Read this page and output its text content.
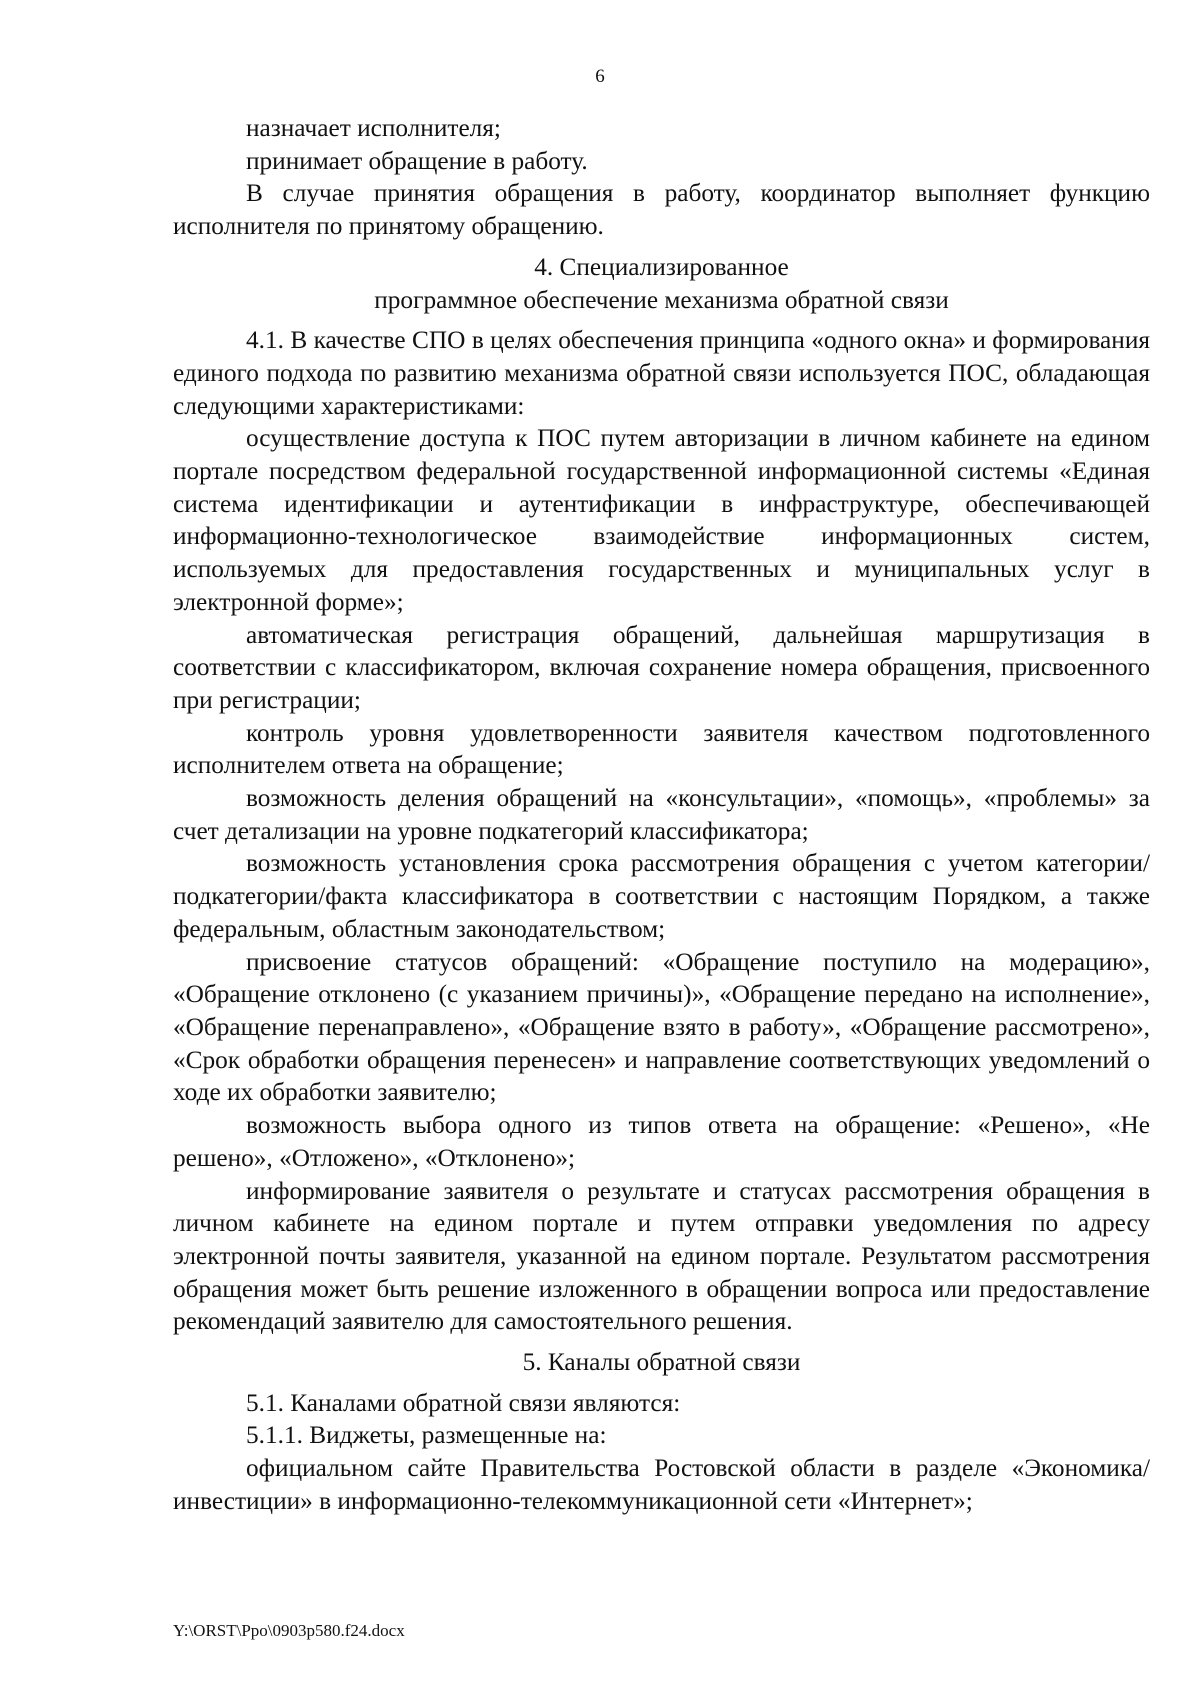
6

назначает исполнителя;

принимает обращение в работу.

В случае принятия обращения в работу, координатор выполняет функцию исполнителя по принятому обращению.

4. Специализированное
программное обеспечение механизма обратной связи

4.1. В качестве СПО в целях обеспечения принципа «одного окна» и формирования единого подхода по развитию механизма обратной связи используется ПОС, обладающая следующими характеристиками:

осуществление доступа к ПОС путем авторизации в личном кабинете на едином портале посредством федеральной государственной информационной системы «Единая система идентификации и аутентификации в инфраструктуре, обеспечивающей информационно-технологическое взаимодействие информационных систем, используемых для предоставления государственных и муниципальных услуг в электронной форме»;

автоматическая регистрация обращений, дальнейшая маршрутизация в соответствии с классификатором, включая сохранение номера обращения, присвоенного при регистрации;

контроль уровня удовлетворенности заявителя качеством подготовленного исполнителем ответа на обращение;

возможность деления обращений на «консультации», «помощь», «проблемы» за счет детализации на уровне подкатегорий классификатора;

возможность установления срока рассмотрения обращения с учетом категории/подкатегории/факта классификатора в соответствии с настоящим Порядком, а также федеральным, областным законодательством;

присвоение статусов обращений: «Обращение поступило на модерацию», «Обращение отклонено (с указанием причины)», «Обращение передано на исполнение», «Обращение перенаправлено», «Обращение взято в работу», «Обращение рассмотрено», «Срок обработки обращения перенесен» и направление соответствующих уведомлений о ходе их обработки заявителю;

возможность выбора одного из типов ответа на обращение: «Решено», «Не решено», «Отложено», «Отклонено»;

информирование заявителя о результате и статусах рассмотрения обращения в личном кабинете на едином портале и путем отправки уведомления по адресу электронной почты заявителя, указанной на едином портале. Результатом рассмотрения обращения может быть решение изложенного в обращении вопроса или предоставление рекомендаций заявителю для самостоятельного решения.

5. Каналы обратной связи

5.1. Каналами обратной связи являются:

5.1.1. Виджеты, размещенные на:

официальном сайте Правительства Ростовской области в разделе «Экономика/инвестиции» в информационно-телекоммуникационной сети «Интернет»;

Y:\ORST\Ppo\0903p580.f24.docx
